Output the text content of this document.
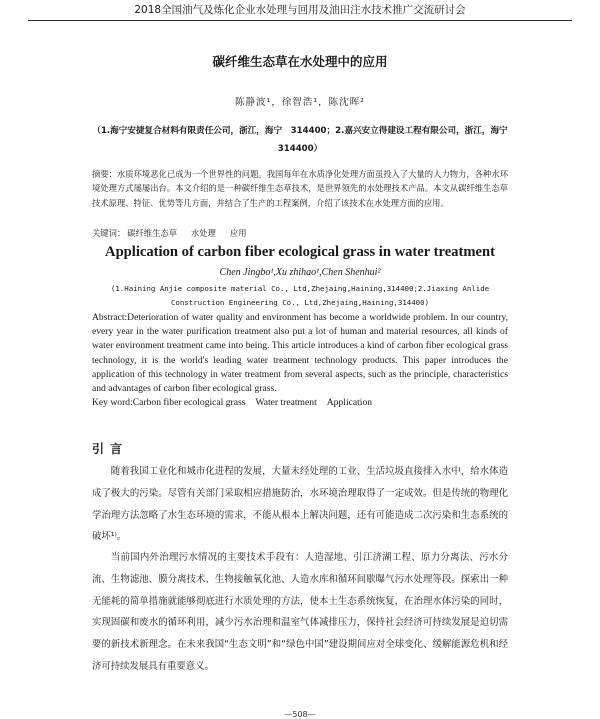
2018全国油气及炼化企业水处理与回用及油田注水技术推广交流研讨会
碳纤维生态草在水处理中的应用
陈静波¹，徐智浩¹，陈沈晖²
（1.海宁安捷复合材料有限责任公司，浙江，海宁　314400；2.嘉兴安立得建设工程有限公司，浙江，海宁　314400）
摘要：水质环境恶化已成为一个世界性的问题。我国每年在水质净化处理方面虽投入了大量的人力物力，各种水环境处理方式屡屡出台。本文介绍的是一种碳纤维生态草技术，是世界领先的水处理技术产品。本文从碳纤维生态草技术原理、特征、优势等几方面，并结合了生产的工程案例，介绍了该技术在水处理方面的应用。
关键词： 碳纤维生态草 水处理 应用
Application of carbon fiber ecological grass in water treatment
Chen Jingbo¹,Xu zhihao¹,Chen Shenhui²
(1.Haining Anjie composite material Co., Ltd,Zhejaing,Haining,314400;2.Jiaxing Anlide Construction Engineering Co., Ltd,Zhejaing,Haining,314400)
Abstract:Deterioration of water quality and environment has become a worldwide problem. In our country, every year in the water purification treatment also put a lot of human and material resources, all kinds of water environment treatment came into being. This article introduces a kind of carbon fiber ecological grass technology, it is the world's leading water treatment technology products. This paper introduces the application of this technology in water treatment from several aspects, such as the principle, characteristics and advantages of carbon fiber ecological grass.
Key word:Carbon fiber ecological grass Water treatment Application
引言
随着我国工业化和城市化进程的发展，大量未经处理的工业、生活垃圾直接排入水中，给水体造成了极大的污染。尽管有关部门采取相应措施防治，水环境治理取得了一定成效。但是传统的物理化学治理方法忽略了水生态环境的需求，不能从根本上解决问题，还有可能造成二次污染和生态系统的破坏¹⁾。
当前国内外治理污水情况的主要技术手段有：人造湿地、引江济湖工程、原力分离法、污水分流、生物滤池、膜分离技术、生物接触氧化池、人造水库和循环间歇曝气污水处理等段。探索出一种无能耗的简单措施就能够彻底进行水质处理的方法，使本土生态系统恢复，在治理水体污染的同时，实现固碳和废水的循环利用，减少污水治理和温室气体减排压力，保持社会经济可持续发展是迫切需要的新技术新理念。在未来我国“生态文明”和“绿色中国”建设期间应对全球变化、缓解能源危机和经济可持续发展具有重要意义。
—508—
